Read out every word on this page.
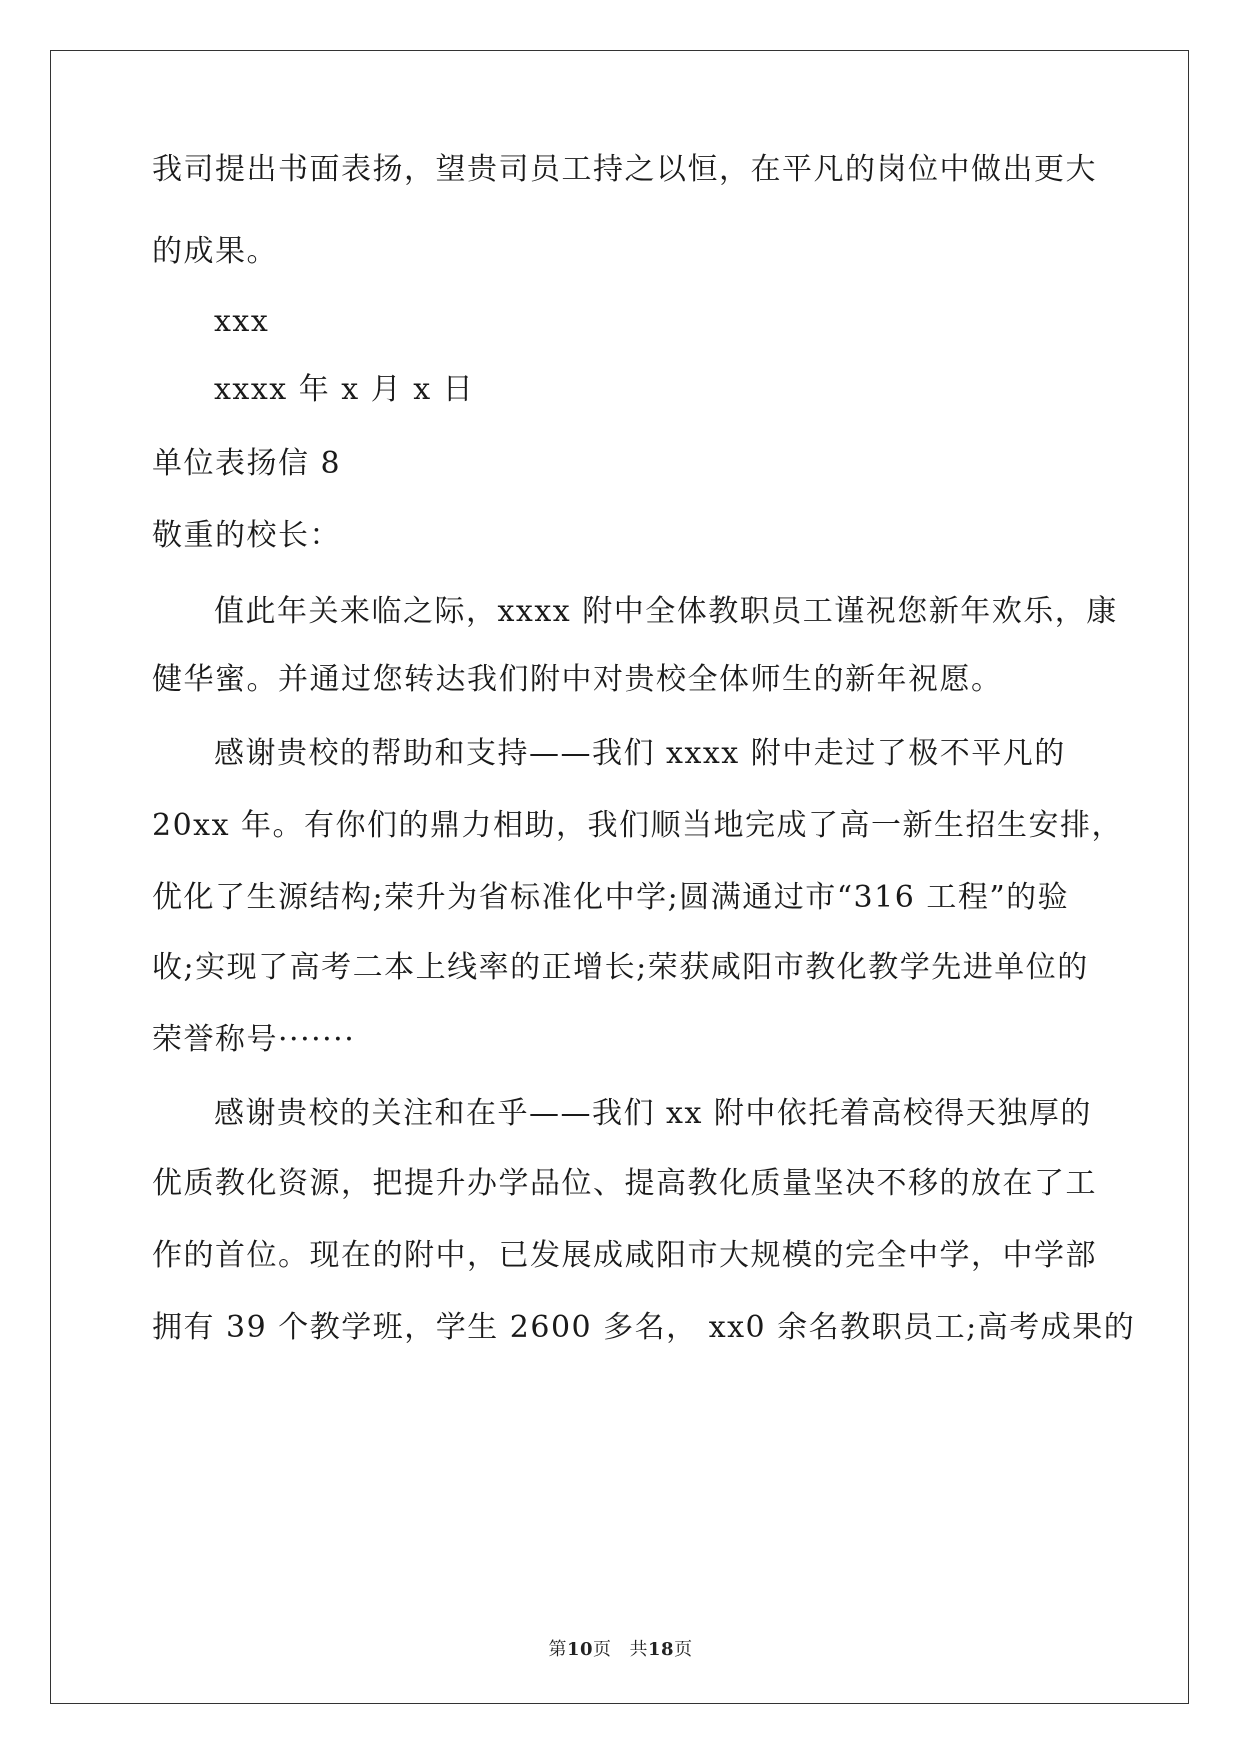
我司提出书面表扬，望贵司员工持之以恒，在平凡的岗位中做出更大

的成果。

xxx

xxxx 年 x 月 x 日

单位表扬信 8

敬重的校长：

值此年关来临之际，xxxx 附中全体教职员工谨祝您新年欢乐，康

健华蜜。并通过您转达我们附中对贵校全体师生的新年祝愿。

感谢贵校的帮助和支持——我们 xxxx 附中走过了极不平凡的

20xx 年。有你们的鼎力相助，我们顺当地完成了高一新生招生安排，

优化了生源结构;荣升为省标准化中学;圆满通过市“316 工程”的验

收;实现了高考二本上线率的正增长;荣获咸阳市教化教学先进单位的

荣誉称号·······

感谢贵校的关注和在乎——我们 xx 附中依托着高校得天独厚的

优质教化资源，把提升办学品位、提高教化质量坚决不移的放在了工

作的首位。现在的附中，已发展成咸阳市大规模的完全中学，中学部

拥有 39 个教学班，学生 2600 多名， xx0 余名教职员工;高考成果的

第10页 共18页
